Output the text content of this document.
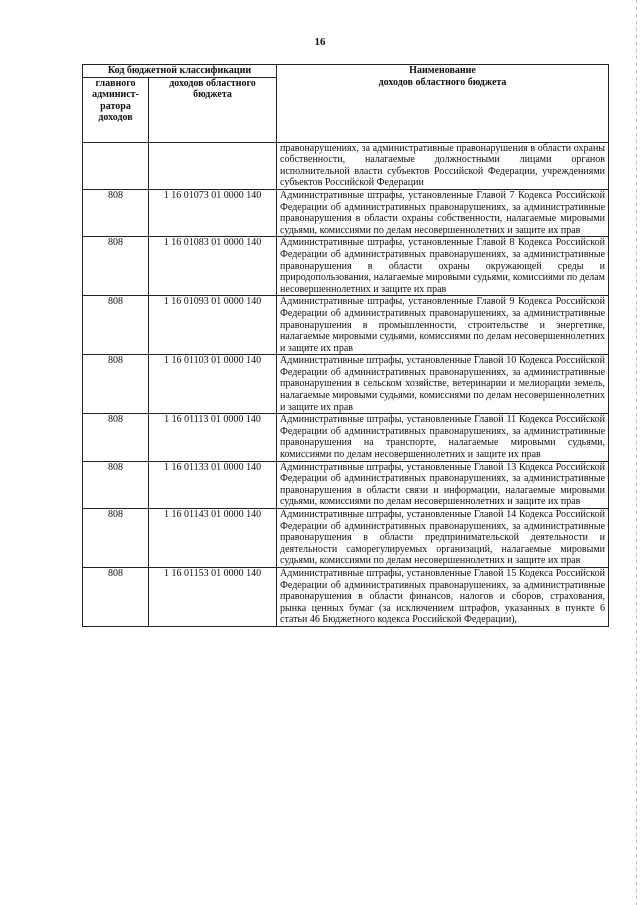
16
Код бюджетной классификации		Наименование
доходов областного бюджета

главного админист-ратора доходов	доходов областного бюджета	
		правонарушениях, за административные правонарушения в области охраны собственности, налагаемые должностными лицами органов исполнительной власти субъектов Российской Федерации, учреждениями субъектов Российской Федерации
808	1 16 01073 01 0000 140	Административные штрафы, установленные Главой 7 Кодекса Российской Федерации об административных правонарушениях, за административные правонарушения в области охраны собственности, налагаемые мировыми судьями, комиссиями по делам несовершеннолетних и защите их прав
808	1 16 01083 01 0000 140	Административные штрафы, установленные Главой 8 Кодекса Российской Федерации об административных правонарушениях, за административные правонарушения в области охраны окружающей среды и природопользования, налагаемые мировыми судьями, комиссиями по делам несовершеннолетних и защите их прав
808	1 16 01093 01 0000 140	Административные штрафы, установленные Главой 9 Кодекса Российской Федерации об административных правонарушениях, за административные правонарушения в промышленности, строительстве и энергетике, налагаемые мировыми судьями, комиссиями по делам несовершеннолетних и защите их прав
808	1 16 01103 01 0000 140	Административные штрафы, установленные Главой 10 Кодекса Российской Федерации об административных правонарушениях, за административные правонарушения в сельском хозяйстве, ветеринарии и мелиорации земель, налагаемые мировыми судьями, комиссиями по делам несовершеннолетних и защите их прав
808	1 16 01113 01 0000 140	Административные штрафы, установленные Главой 11 Кодекса Российской Федерации об административных правонарушениях, за административные правонарушения на транспорте, налагаемые мировыми судьями, комиссиями по делам несовершеннолетних и защите их прав
808	1 16 01133 01 0000 140	Административные штрафы, установленные Главой 13 Кодекса Российской Федерации об административных правонарушениях, за административные правонарушения в области связи и информации, налагаемые мировыми судьями, комиссиями по делам несовершеннолетних и защите их прав
808	1 16 01143 01 0000 140	Административные штрафы, установленные Главой 14 Кодекса Российской Федерации об административных правонарушениях, за административные правонарушения в области предпринимательской деятельности и деятельности саморегулируемых организаций, налагаемые мировыми судьями, комиссиями по делам несовершеннолетних и защите их прав
808	1 16 01153 01 0000 140	Административные штрафы, установленные Главой 15 Кодекса Российской Федерации об административных правонарушениях, за административные правонарушения в области финансов, налогов и сборов, страхования, рынка ценных бумаг (за исключением штрафов, указанных в пункте 6 статьи 46 Бюджетного кодекса Российской Федерации),
